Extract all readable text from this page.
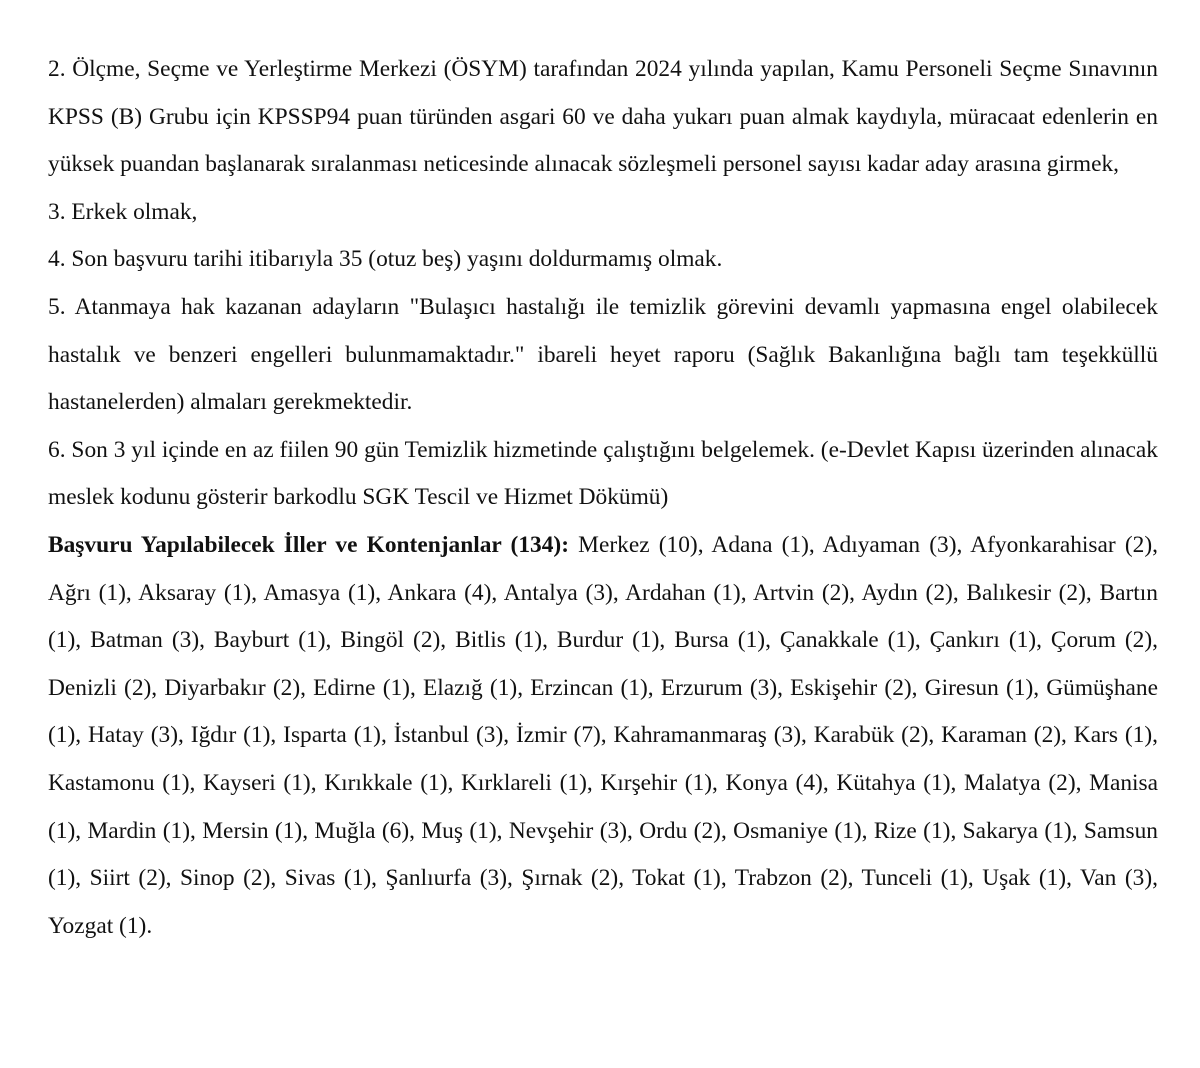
2. Ölçme, Seçme ve Yerleştirme Merkezi (ÖSYM) tarafından 2024 yılında yapılan, Kamu Personeli Seçme Sınavının KPSS (B) Grubu için KPSSP94 puan türünden asgari 60 ve daha yukarı puan almak kaydıyla, müracaat edenlerin en yüksek puandan başlanarak sıralanması neticesinde alınacak sözleşmeli personel sayısı kadar aday arasına girmek,

3. Erkek olmak,

4. Son başvuru tarihi itibarıyla 35 (otuz beş) yaşını doldurmamış olmak.

5. Atanmaya hak kazanan adayların "Bulaşıcı hastalığı ile temizlik görevini devamlı yapmasına engel olabilecek hastalık ve benzeri engelleri bulunmamaktadır." ibareli heyet raporu (Sağlık Bakanlığına bağlı tam teşekküllü hastanelerden) almaları gerekmektedir.

6. Son 3 yıl içinde en az fiilen 90 gün Temizlik hizmetinde çalıştığını belgelemek. (e-Devlet Kapısı üzerinden alınacak meslek kodunu gösterir barkodlu SGK Tescil ve Hizmet Dökümü)

Başvuru Yapılabilecek İller ve Kontenjanlar (134): Merkez (10), Adana (1), Adıyaman (3), Afyonkarahisar (2), Ağrı (1), Aksaray (1), Amasya (1), Ankara (4), Antalya (3), Ardahan (1), Artvin (2), Aydın (2), Balıkesir (2), Bartın (1), Batman (3), Bayburt (1), Bingöl (2), Bitlis (1), Burdur (1), Bursa (1), Çanakkale (1), Çankırı (1), Çorum (2), Denizli (2), Diyarbakır (2), Edirne (1), Elazığ (1), Erzincan (1), Erzurum (3), Eskişehir (2), Giresun (1), Gümüşhane (1), Hatay (3), Iğdır (1), Isparta (1), İstanbul (3), İzmir (7), Kahramanmaraş (3), Karabük (2), Karaman (2), Kars (1), Kastamonu (1), Kayseri (1), Kırıkkale (1), Kırklareli (1), Kırşehir (1), Konya (4), Kütahya (1), Malatya (2), Manisa (1), Mardin (1), Mersin (1), Muğla (6), Muş (1), Nevşehir (3), Ordu (2), Osmaniye (1), Rize (1), Sakarya (1), Samsun (1), Siirt (2), Sinop (2), Sivas (1), Şanlıurfa (3), Şırnak (2), Tokat (1), Trabzon (2), Tunceli (1), Uşak (1), Van (3), Yozgat (1).
